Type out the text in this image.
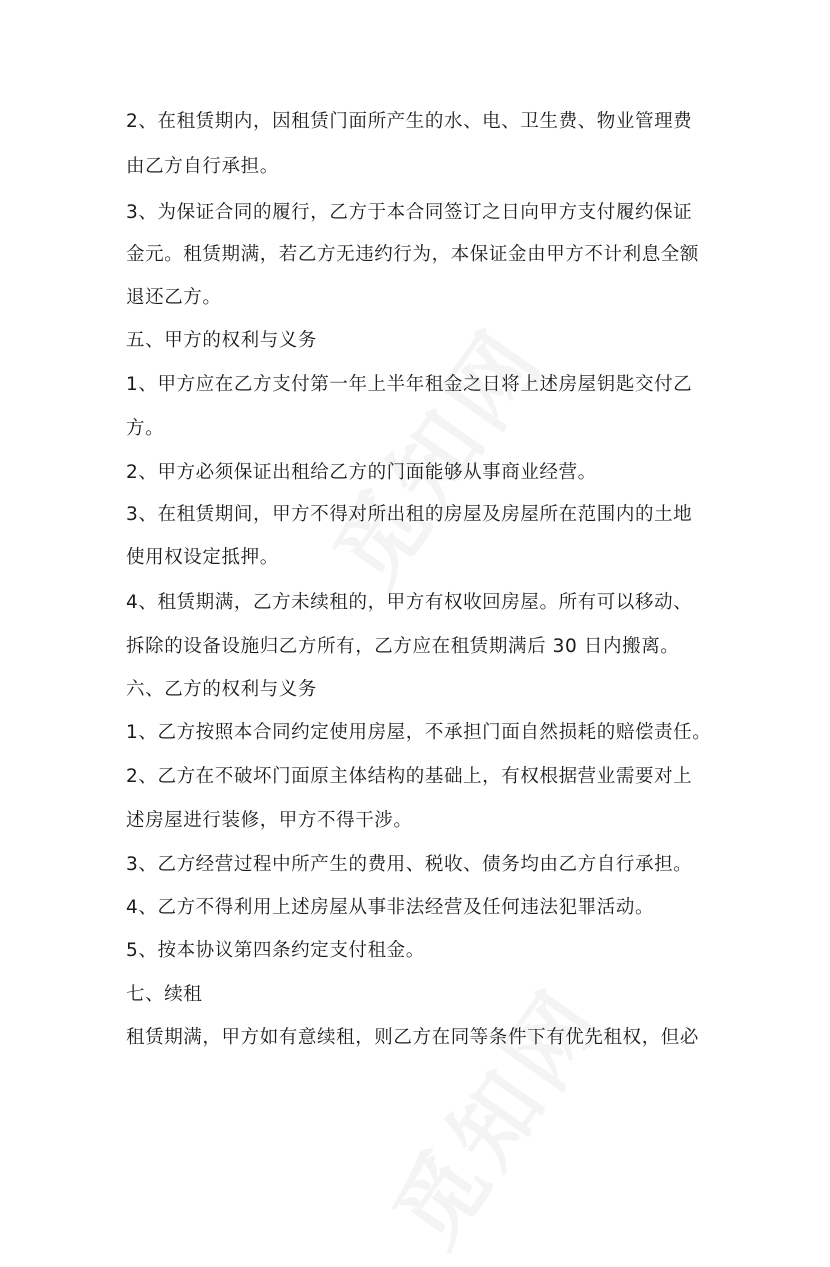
2、在租赁期内，因租赁门面所产生的水、电、卫生费、物业管理费
由乙方自行承担。
3、为保证合同的履行，乙方于本合同签订之日向甲方支付履约保证
金元。租赁期满，若乙方无违约行为，本保证金由甲方不计利息全额
退还乙方。
五、甲方的权利与义务
1、甲方应在乙方支付第一年上半年租金之日将上述房屋钥匙交付乙
方。
2、甲方必须保证出租给乙方的门面能够从事商业经营。
3、在租赁期间，甲方不得对所出租的房屋及房屋所在范围内的土地
使用权设定抵押。
4、租赁期满，乙方未续租的，甲方有权收回房屋。所有可以移动、
拆除的设备设施归乙方所有，乙方应在租赁期满后 30 日内搬离。
六、乙方的权利与义务
1、乙方按照本合同约定使用房屋，不承担门面自然损耗的赔偿责任。
2、乙方在不破坏门面原主体结构的基础上，有权根据营业需要对上
述房屋进行装修，甲方不得干涉。
3、乙方经营过程中所产生的费用、税收、债务均由乙方自行承担。
4、乙方不得利用上述房屋从事非法经营及任何违法犯罪活动。
5、按本协议第四条约定支付租金。
七、续租
租赁期满，甲方如有意续租，则乙方在同等条件下有优先租权，但必
